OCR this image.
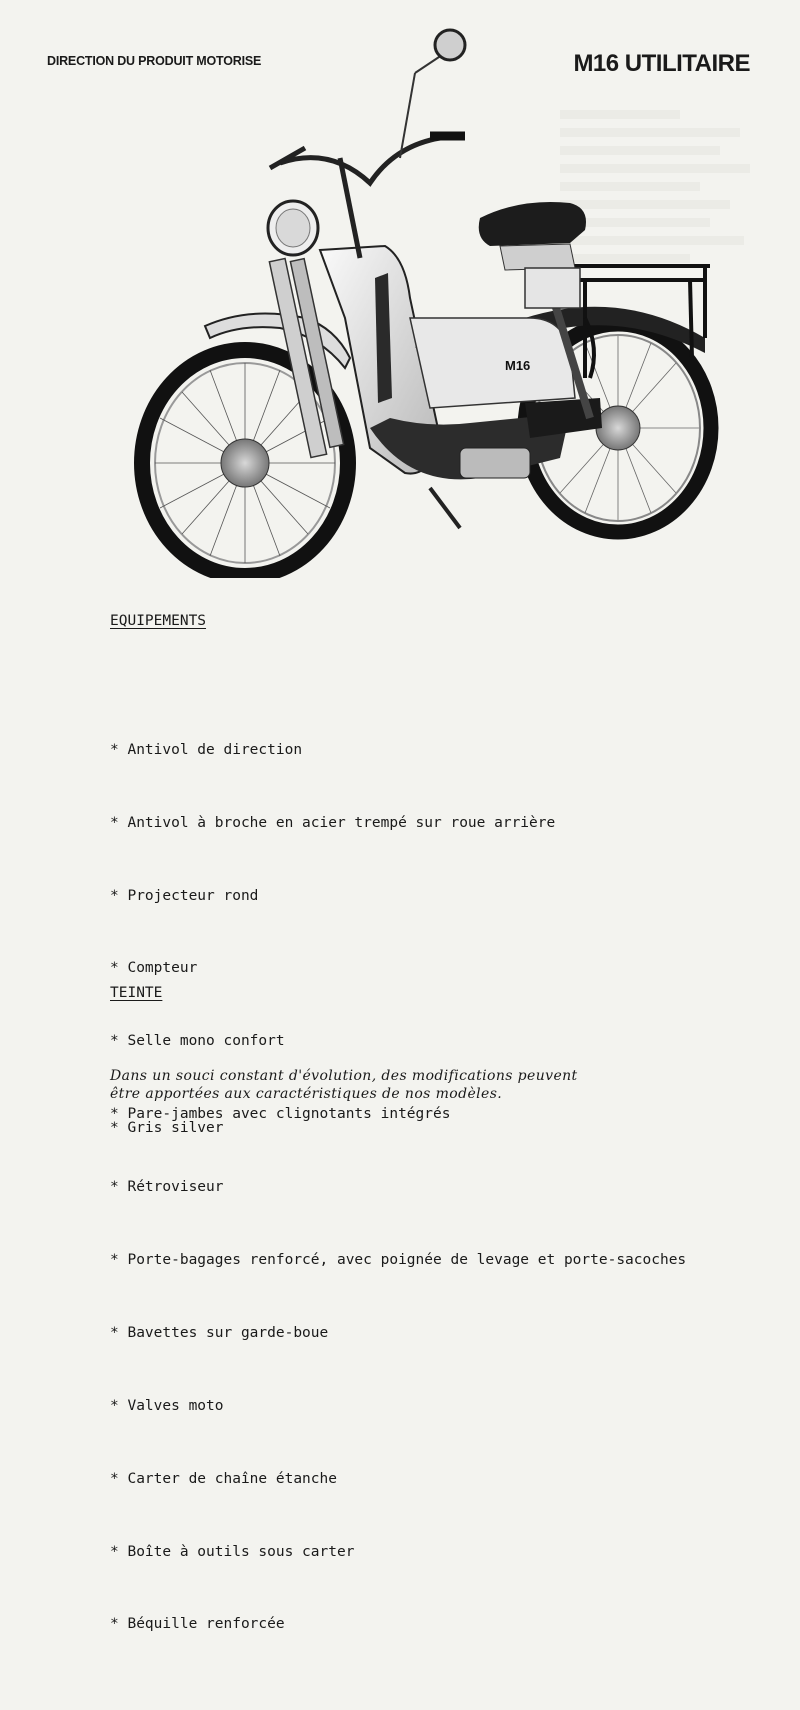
DIRECTION DU PRODUIT MOTORISE	M16 UTILITAIRE
M16

EQUIPEMENTS

* Antivol de direction

* Antivol à broche en acier trempé sur roue arrière

* Projecteur rond

* Compteur

* Selle mono confort

* Pare-jambes avec clignotants intégrés

* Rétroviseur

* Porte-bagages renforcé, avec poignée de levage et porte-sacoches

* Bavettes sur garde-boue

* Valves moto

* Carter de chaîne étanche

* Boîte à outils sous carter

* Béquille renforcée

TEINTE

* Gris silver

Dans un souci constant d'évolution, des modifications peuvent
être apportées aux caractéristiques de nos modèles.
